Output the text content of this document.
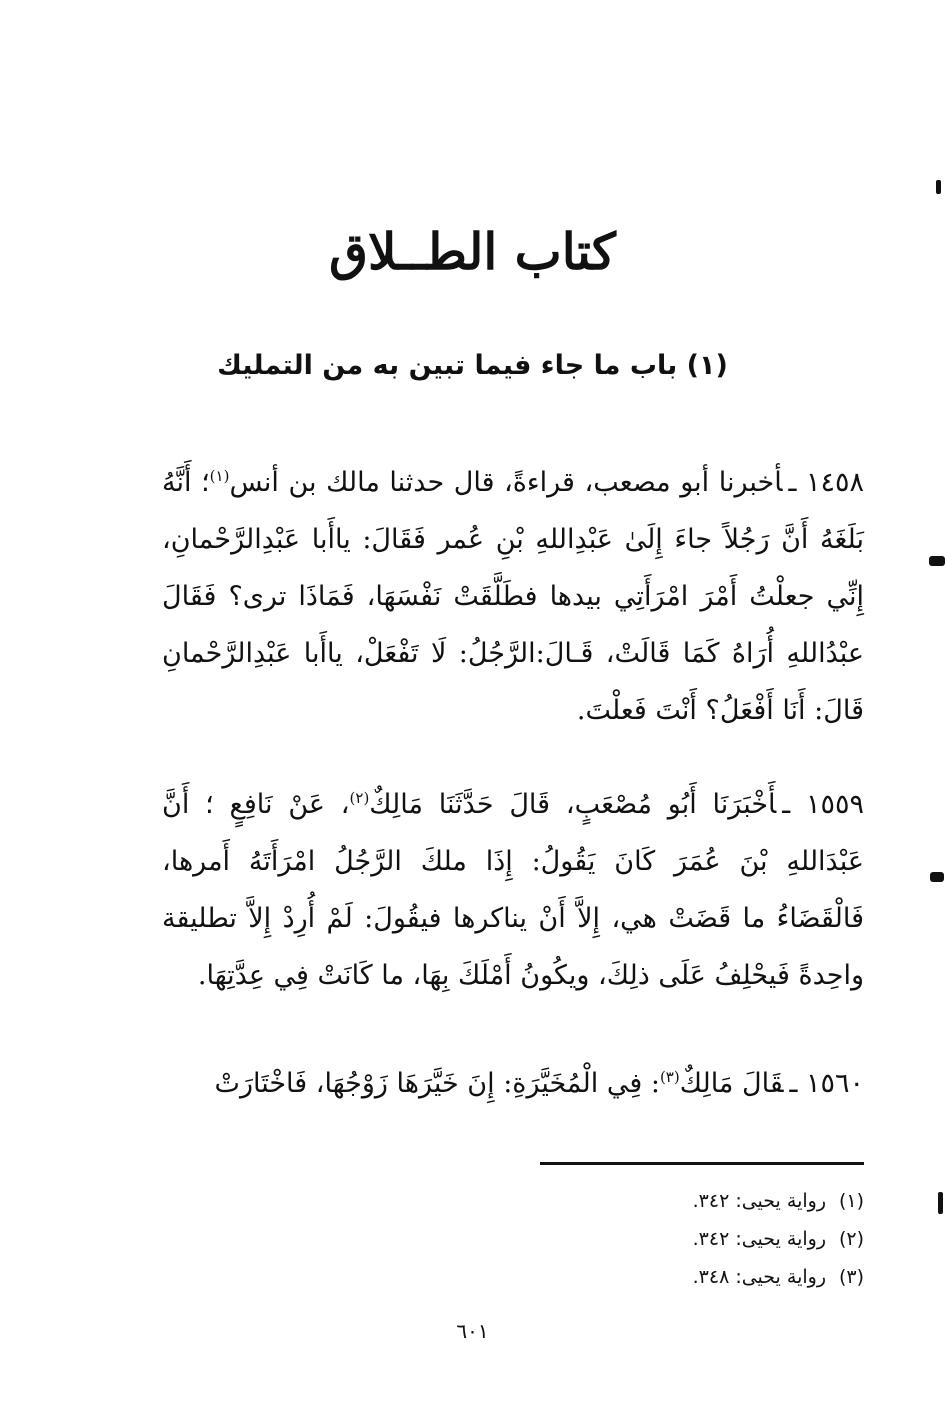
كتاب الطــلاق
(١) باب ما جاء فيما تبين به من التمليك
١٤٥٨ ـأخبرنا أبو مصعب، قراءةً، قال حدثنا مالك بن أنس$^{(١)}$؛ أَنَّهُ بَلَغَهُ أَنَّ رَجُلاً جاءَ إِلَىٰ عَبْدِاللهِ بْنِ عُمر فَقَالَ: ياأَبا عَبْدِالرَّحْمانِ، إِنِّي جعلْتُ أَمْرَ امْرَأَتِي بيدها فطَلَّقَتْ نَفْسَهَا، فَمَاذَا ترى؟ فَقَالَ عبْدُاللهِ أُرَاهُ كَمَا قَالَتْ، قَـالَ:الرَّجُلُ: لَا تَفْعَلْ، ياأَبا عَبْدِالرَّحْمانِ قَالَ: أَنَا أَفْعَلُ؟ أَنْتَ فَعلْتَ.
١٥٥٩ ـأَخْبَرَنَا أَبُو مُصْعَبٍ، قَالَ حَدَّثَنَا مَالِكٌ$^{(٢)}$، عَنْ نَافِعٍ ؛ أَنَّ عَبْدَاللهِ بْنَ عُمَرَ كَانَ يَقُولُ: إِذَا ملكَ الرَّجُلُ امْرَأَتَهُ أَمرها، فَالْقَضَاءُ ما قَضَتْ هي، إِلاَّ أَنْ يناكرها فيقُولَ: لَمْ أُرِدْ إِلاَّ تطليقة واحِدةً فَيحْلِفُ عَلَى ذلِكَ، ويكُونُ أَمْلَكَ بِهَا، ما كَانَتْ فِي عِدَّتِهَا.
١٥٦٠ ـقَالَ مَالِكٌ$^{(٣)}$: فِي الْمُخَيَّرَةِ: إِنَ خَيَّرَهَا زَوْجُهَا، فَاخْتَارَتْ
(١)رواية يحيى: ٣٤٢.
(٢)رواية يحيى: ٣٤٢.
(٣)رواية يحيى: ٣٤٨.
٦٠١
